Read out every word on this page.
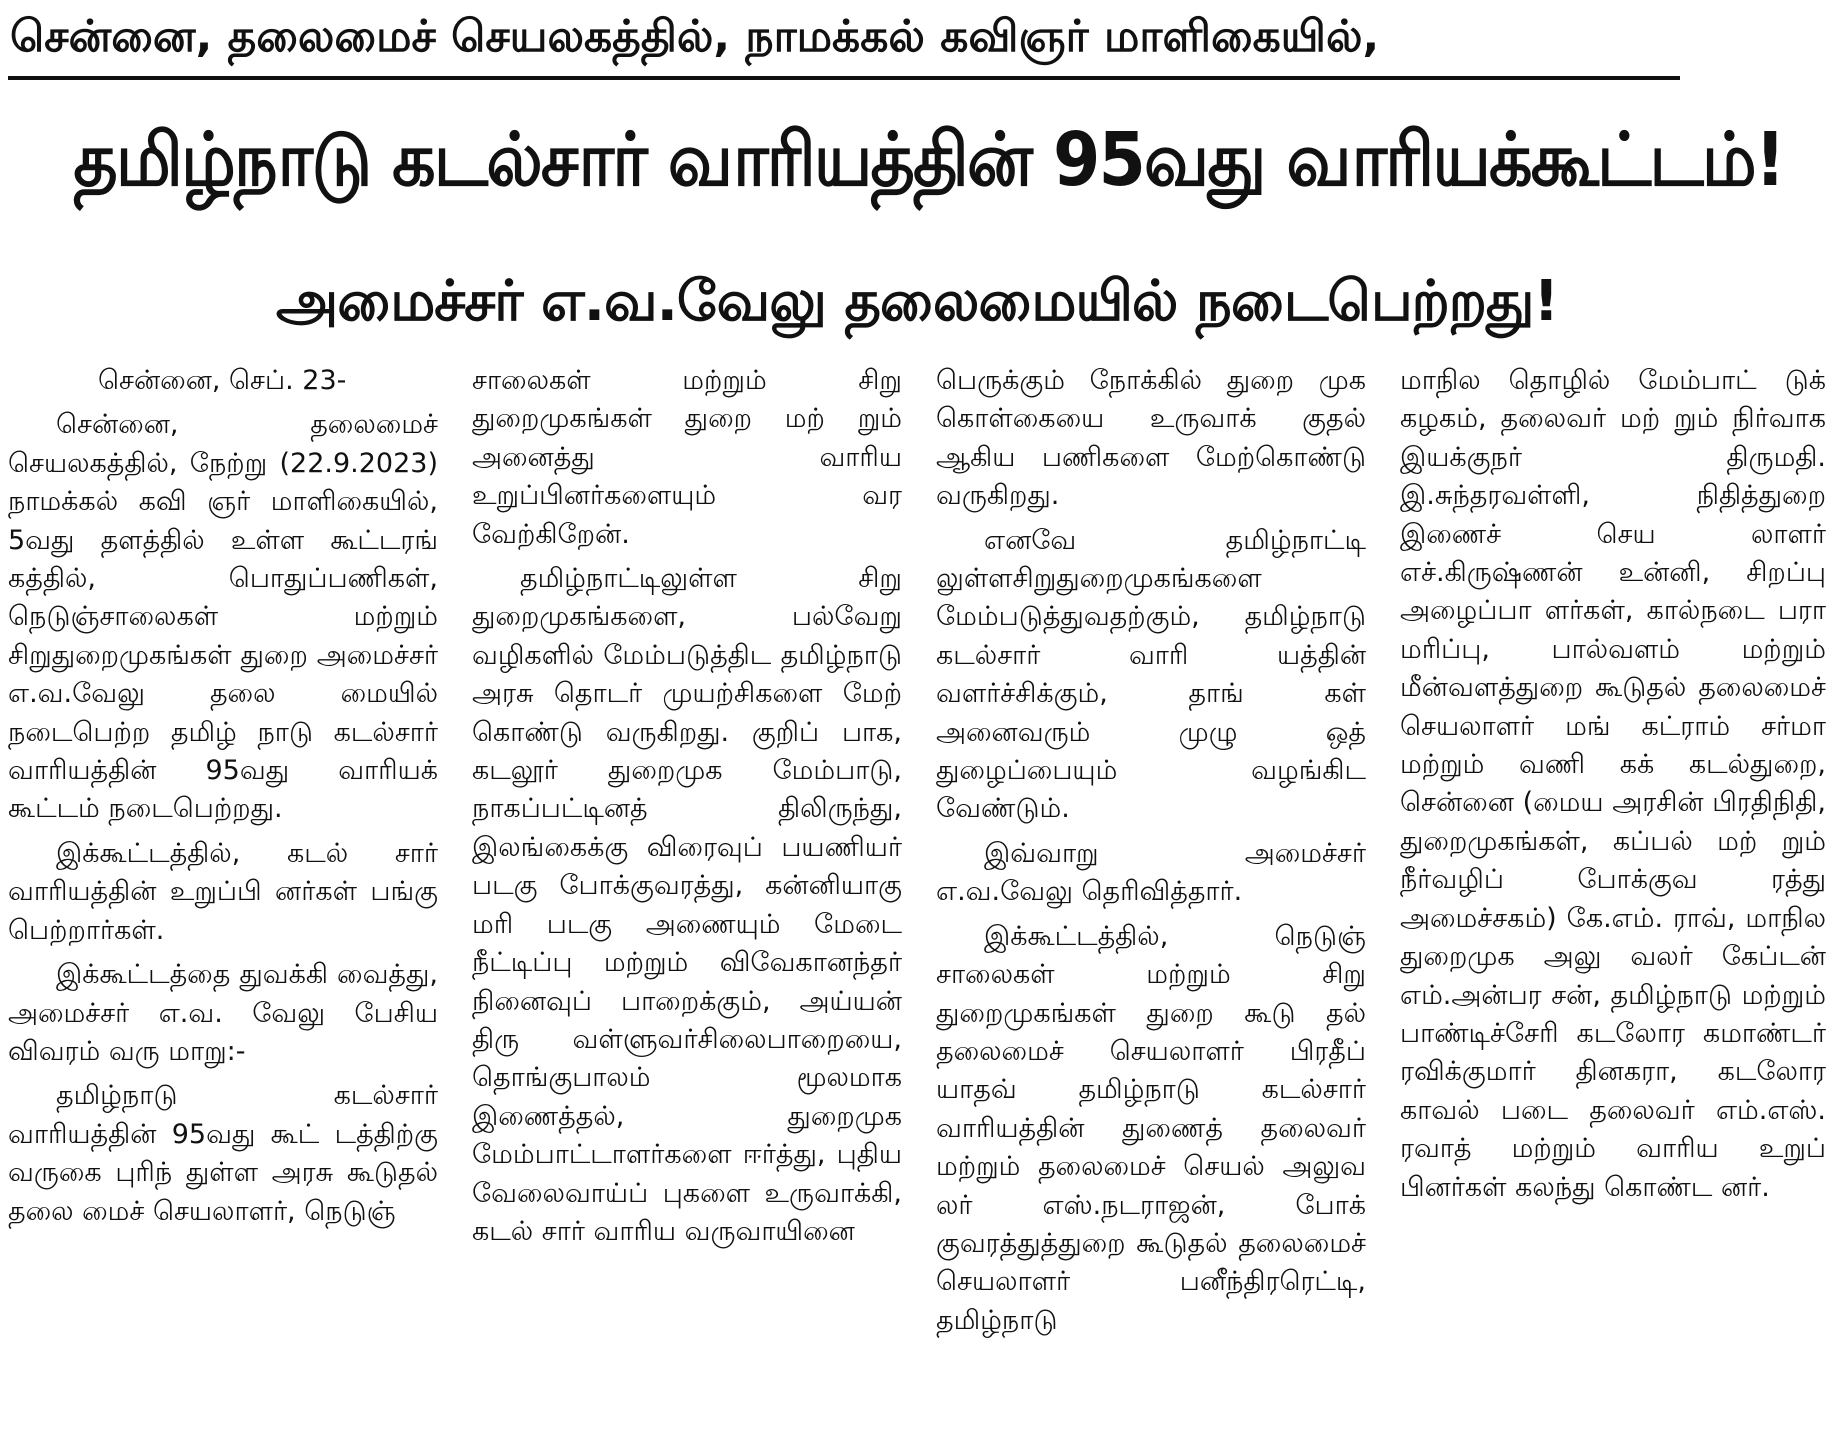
சென்னை, தலைமைச் செயலகத்தில், நாமக்கல் கவிஞர் மாளிகையில்,
தமிழ்நாடு கடல்சார் வாரியத்தின் 95வது வாரியக்கூட்டம்!
அமைச்சர் எ.வ.வேலு தலைமையில் நடைபெற்றது!

சென்னை, செப். 23-

சென்னை, தலைமைச் செயலகத்தில், நேற்று (22.9.2023) நாமக்கல் கவி ஞர் மாளிகையில், 5வது தளத்தில் உள்ள கூட்டரங் கத்தில், பொதுப்பணிகள், நெடுஞ்சாலைகள் மற்றும் சிறுதுறைமுகங்கள் துறை அமைச்சர் எ.வ.வேலு தலை மையில் நடைபெற்ற தமிழ் நாடு கடல்சார் வாரியத்தின் 95வது வாரியக் கூட்டம் நடைபெற்றது.

இக்கூட்டத்தில், கடல் சார் வாரியத்தின் உறுப்பி னர்கள் பங்கு பெற்றார்கள்.

இக்கூட்டத்தை துவக்கி வைத்து, அமைச்சர் எ.வ. வேலு பேசிய விவரம் வரு மாறு:-

தமிழ்நாடு கடல்சார் வாரியத்தின் 95வது கூட் டத்திற்கு வருகை புரிந் துள்ள அரசு கூடுதல் தலை மைச் செயலாளர், நெடுஞ்

சாலைகள் மற்றும் சிறு துறைமுகங்கள் துறை மற் றும் அனைத்து வாரிய உறுப்பினர்களையும் வர வேற்கிறேன்.

தமிழ்நாட்டிலுள்ள சிறு துறைமுகங்களை, பல்வேறு வழிகளில் மேம்படுத்திட தமிழ்நாடு அரசு தொடர் முயற்சிகளை மேற் கொண்டு வருகிறது. குறிப் பாக, கடலூர் துறைமுக மேம்பாடு, நாகப்பட்டினத் திலிருந்து, இலங்கைக்கு விரைவுப் பயணியர் படகு போக்குவரத்து, கன்னியாகு மரி படகு அணையும் மேடை நீட்டிப்பு மற்றும் விவேகானந்தர் நினைவுப் பாறைக்கும், அய்யன் திரு வள்ளுவர்சிலைபாறையை, தொங்குபாலம் மூலமாக இணைத்தல், துறைமுக மேம்பாட்டாளர்களை ஈர்த்து, புதிய வேலைவாய்ப் புகளை உருவாக்கி, கடல் சார் வாரிய வருவாயினை

பெருக்கும் நோக்கில் துறை முக கொள்கையை உருவாக் குதல் ஆகிய பணிகளை மேற்கொண்டு வருகிறது.

எனவே தமிழ்நாட்டி லுள்ளசிறுதுறைமுகங்களை மேம்படுத்துவதற்கும், தமிழ்நாடு கடல்சார் வாரி யத்தின் வளர்ச்சிக்கும், தாங் கள் அனைவரும் முழு ஒத் துழைப்பையும் வழங்கிட வேண்டும்.

இவ்வாறு அமைச்சர் எ.வ.வேலு தெரிவித்தார்.

இக்கூட்டத்தில், நெடுஞ் சாலைகள் மற்றும் சிறு துறைமுகங்கள் துறை கூடு தல் தலைமைச் செயலாளர் பிரதீப் யாதவ் தமிழ்நாடு கடல்சார் வாரியத்தின் துணைத் தலைவர் மற்றும் தலைமைச் செயல் அலுவ லர் எஸ்.நடராஜன், போக் குவரத்துத்துறை கூடுதல் தலைமைச் செயலாளர் பனீந்திரரெட்டி, தமிழ்நாடு

மாநில தொழில் மேம்பாட் டுக் கழகம், தலைவர் மற் றும் நிர்வாக இயக்குநர் திருமதி. இ.சுந்தரவள்ளி, நிதித்துறை இணைச் செய லாளர் எச்.கிருஷ்ணன் உன்னி, சிறப்பு அழைப்பா ளர்கள், கால்நடை பரா மரிப்பு, பால்வளம் மற்றும் மீன்வளத்துறை கூடுதல் தலைமைச் செயலாளர் மங் கட்ராம் சர்மா மற்றும் வணி கக் கடல்துறை, சென்னை (மைய அரசின் பிரதிநிதி, துறைமுகங்கள், கப்பல் மற் றும் நீர்வழிப் போக்குவ ரத்து அமைச்சகம்) கே.எம். ராவ், மாநில துறைமுக அலு வலர் கேப்டன் எம்.அன்பர சன், தமிழ்நாடு மற்றும் பாண்டிச்சேரி கடலோர கமாண்டர் ரவிக்குமார் தினகரா, கடலோர காவல் படை தலைவர் எம்.எஸ். ரவாத் மற்றும் வாரிய உறுப் பினர்கள் கலந்து கொண்ட னர்.
